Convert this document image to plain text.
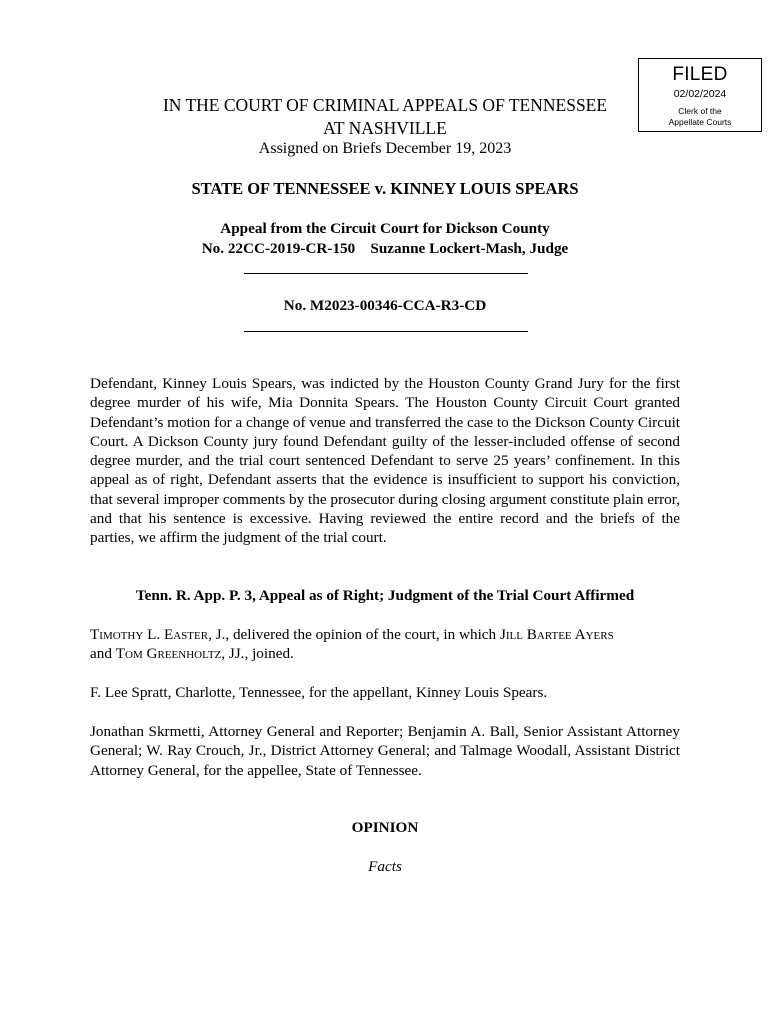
FILED
02/02/2024
Clerk of the
Appellate Courts
IN THE COURT OF CRIMINAL APPEALS OF TENNESSEE
AT NASHVILLE
Assigned on Briefs December 19, 2023
STATE OF TENNESSEE v. KINNEY LOUIS SPEARS
Appeal from the Circuit Court for Dickson County
No. 22CC-2019-CR-150    Suzanne Lockert-Mash, Judge
No. M2023-00346-CCA-R3-CD
Defendant, Kinney Louis Spears, was indicted by the Houston County Grand Jury for the first degree murder of his wife, Mia Donnita Spears. The Houston County Circuit Court granted Defendant’s motion for a change of venue and transferred the case to the Dickson County Circuit Court. A Dickson County jury found Defendant guilty of the lesser-included offense of second degree murder, and the trial court sentenced Defendant to serve 25 years’ confinement. In this appeal as of right, Defendant asserts that the evidence is insufficient to support his conviction, that several improper comments by the prosecutor during closing argument constitute plain error, and that his sentence is excessive. Having reviewed the entire record and the briefs of the parties, we affirm the judgment of the trial court.
Tenn. R. App. P. 3, Appeal as of Right; Judgment of the Trial Court Affirmed
Timothy L. Easter, J., delivered the opinion of the court, in which Jill Bartee Ayers
and Tom Greenholtz, JJ., joined.
F. Lee Spratt, Charlotte, Tennessee, for the appellant, Kinney Louis Spears.
Jonathan Skrmetti, Attorney General and Reporter; Benjamin A. Ball, Senior Assistant Attorney General; W. Ray Crouch, Jr., District Attorney General; and Talmage Woodall, Assistant District Attorney General, for the appellee, State of Tennessee.
OPINION
Facts
